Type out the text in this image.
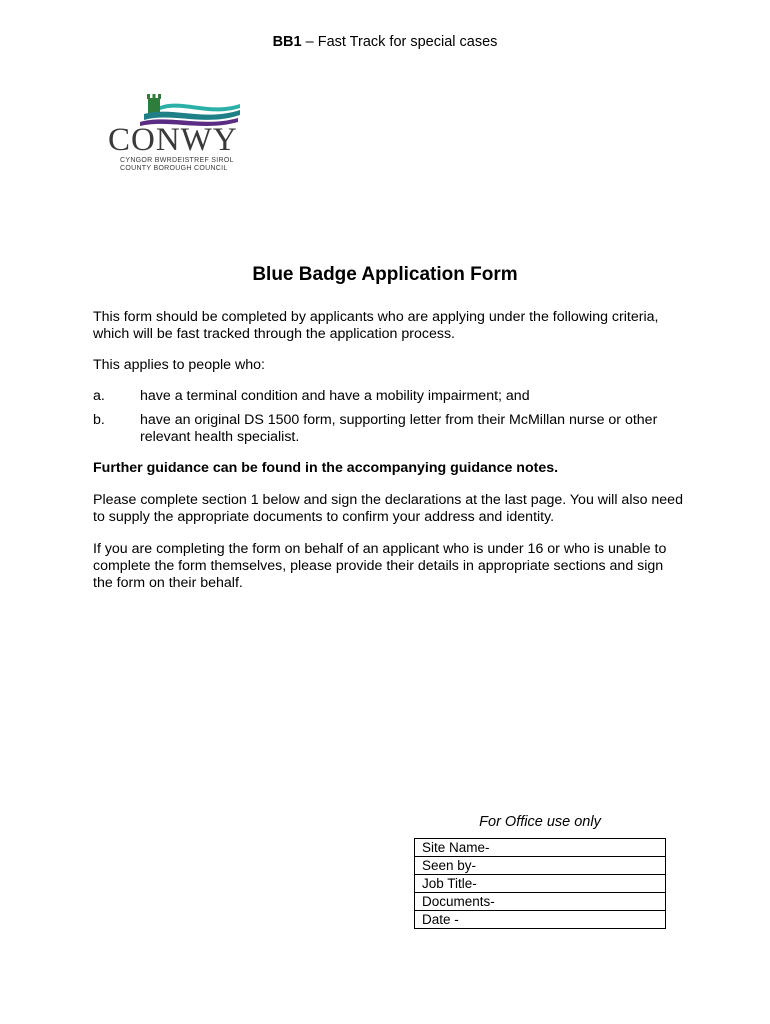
BB1 – Fast Track for special cases
CONWY
CYNGOR BWRDEISTREF SIROL
COUNTY BOROUGH COUNCIL
Blue Badge Application Form

This form should be completed by applicants who are applying under the following criteria, which will be fast tracked through the application process.

This applies to people who:

a. have a terminal condition and have a mobility impairment; and
b. have an original DS 1500 form, supporting letter from their McMillan nurse or other relevant health specialist.

Further guidance can be found in the accompanying guidance notes.

Please complete section 1 below and sign the declarations at the last page. You will also need to supply the appropriate documents to confirm your address and identity.

If you are completing the form on behalf of an applicant who is under 16 or who is unable to complete the form themselves, please provide their details in appropriate sections and sign the form on their behalf.

For Office use only
Site Name-
Seen by-
Job Title-
Documents-
Date -
